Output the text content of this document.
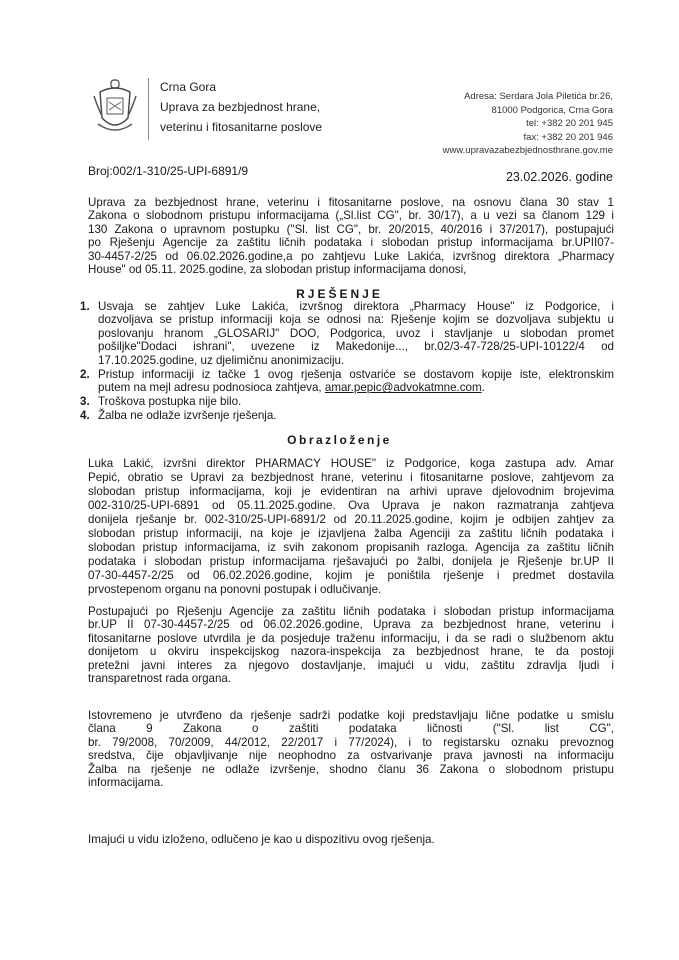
Crna Gora
Uprava za bezbjednost hrane,
veterinu i fitosanitarne poslove
Adresa: Serdara Jola Piletića br.26,
81000 Podgorica, Crna Gora
tel: +382 20 201 945
fax: +382 20 201 946
www.upravazabezbjednosthrane.gov.me
Broj:002/1-310/25-UPI-6891/9	23.02.2026. godine
Uprava za bezbjednost hrane, veterinu i fitosanitarne poslove, na osnovu člana 30 stav 1
Zakona o slobodnom pristupu informacijama („Sl.list CG", br. 30/17), a u vezi sa članom 129 i
130 Zakona o upravnom postupku ("Sl. list CG", br. 20/2015, 40/2016 i 37/2017), postupajući
po Rješenju Agencije za zaštitu ličnih podataka i slobodan pristup informacijama br.UPII07-
30-4457-2/25 od 06.02.2026.godine,a po zahtjevu Luke Lakića, izvršnog direktora „Pharmacy
House" od 05.11. 2025.godine, za slobodan pristup informacijama donosi,
RJEŠENJE
1. Usvaja se zahtjev Luke Lakića, izvršnog direktora „Pharmacy House" iz Podgorice, i
dozvoljava se pristup informaciji koja se odnosi na: Rješenje kojim se dozvoljava subjektu u
poslovanju hranom „GLOSARIJ" DOO, Podgorica, uvoz i stavljanje u slobodan promet
pošiljke"Dodaci ishrani", uvezene iz Makedonije..., br.02/3-47-728/25-UPI-10122/4 od
17.10.2025.godine, uz djelimičnu anonimizaciju.
2. Pristup informaciji iz tačke 1 ovog rješenja ostvariće se dostavom kopije iste, elektronskim
putem na mejl adresu podnosioca zahtjeva, amar.pepic@advokatmne.com.
3. Troškova postupka nije bilo.
4. Žalba ne odlaže izvršenje rješenja.
Obrazloženje
Luka Lakić, izvršni direktor PHARMACY HOUSE" iz Podgorice, koga zastupa adv. Amar
Pepić, obratio se Upravi za bezbjednost hrane, veterinu i fitosanitarne poslove, zahtjevom za
slobodan pristup informacijama, koji je evidentiran na arhivi uprave djelovodnim brojevima
002-310/25-UPI-6891 od 05.11.2025.godine. Ova Uprava je nakon razmatranja zahtjeva
donijela rješanje br. 002-310/25-UPI-6891/2 od 20.11.2025.godine, kojim je odbijen zahtjev za
slobodan pristup informaciji, na koje je izjavljena žalba Agenciji za zaštitu ličnih podataka i
slobodan pristup informacijama, iz svih zakonom propisanih razloga. Agencija za zaštitu ličnih
podataka i slobodan pristup informacijama rješavajući po žalbi, donijela je Rješenje br.UP II
07-30-4457-2/25 od 06.02.2026.godine, kojim je poništila rješenje i predmet dostavila
prvostepenom organu na ponovni postupak i odlučivanje.
Postupajući po Rješenju Agencije za zaštitu ličnih podataka i slobodan pristup informacijama
br.UP II 07-30-4457-2/25 od 06.02.2026.godine, Uprava za bezbjednost hrane, veterinu i
fitosanitarne poslove utvrdila je da posjeduje traženu informaciju, i da se radi o službenom aktu
donijetom u okviru inspekcijskog nazora-inspekcija za bezbjednost hrane, te da postoji
pretežni javni interes za njegovo dostavljanje, imajući u vidu, zaštitu zdravlja ljudi i
transparetnost rada organa.
Istovremeno je utvrđeno da rješenje sadrži podatke koji predstavljaju lične podatke u smislu
člana 9 Zakona o zaštiti podataka ličnosti ("Sl. list CG",
br. 79/2008, 70/2009, 44/2012, 22/2017 i 77/2024), i to registarsku oznaku prevoznog
sredstva, čije objavljivanje nije neophodno za ostvarivanje prava javnosti na informaciju
Žalba na rješenje ne odlaže izvršenje, shodno članu 36 Zakona o slobodnom pristupu
informacijama.
Imajući u vidu izloženo, odlučeno je kao u dispozitivu ovog rješenja.
